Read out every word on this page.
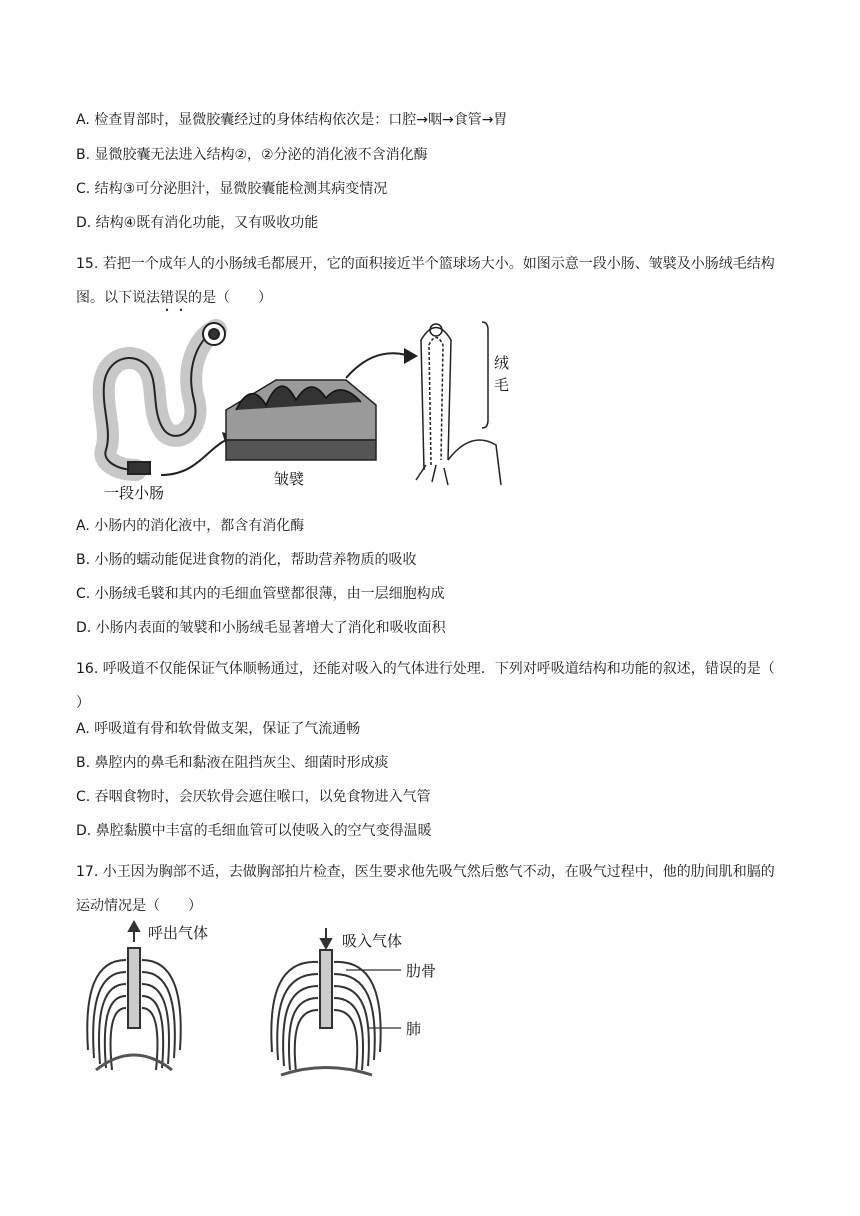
A. 检查胃部时，显微胶囊经过的身体结构依次是：口腔→咽→食管→胃
B. 显微胶囊无法进入结构②，②分泌的消化液不含消化酶
C. 结构③可分泌胆汁，显微胶囊能检测其病变情况
D. 结构④既有消化功能，又有吸收功能
15. 若把一个成年人的小肠绒毛都展开，它的面积接近半个篮球场大小。如图示意一段小肠、皱襞及小肠绒毛结构图。以下说法错误的是（　　）
一段小肠
皱襞
绒
毛
A. 小肠内的消化液中，都含有消化酶
B. 小肠的蠕动能促进食物的消化，帮助营养物质的吸收
C. 小肠绒毛襞和其内的毛细血管壁都很薄，由一层细胞构成
D. 小肠内表面的皱襞和小肠绒毛显著增大了消化和吸收面积
16. 呼吸道不仅能保证气体顺畅通过，还能对吸入的气体进行处理．下列对呼吸道结构和功能的叙述，错误的是（ ）
A. 呼吸道有骨和软骨做支架，保证了气流通畅
B. 鼻腔内的鼻毛和黏液在阻挡灰尘、细菌时形成痰
C. 吞咽食物时，会厌软骨会遮住喉口，以免食物进入气管
D. 鼻腔黏膜中丰富的毛细血管可以使吸入的空气变得温暖
17. 小王因为胸部不适，去做胸部拍片检查，医生要求他先吸气然后憋气不动，在吸气过程中，他的肋间肌和膈的运动情况是（　　）
呼出气体	吸入气体
肋骨
肺
